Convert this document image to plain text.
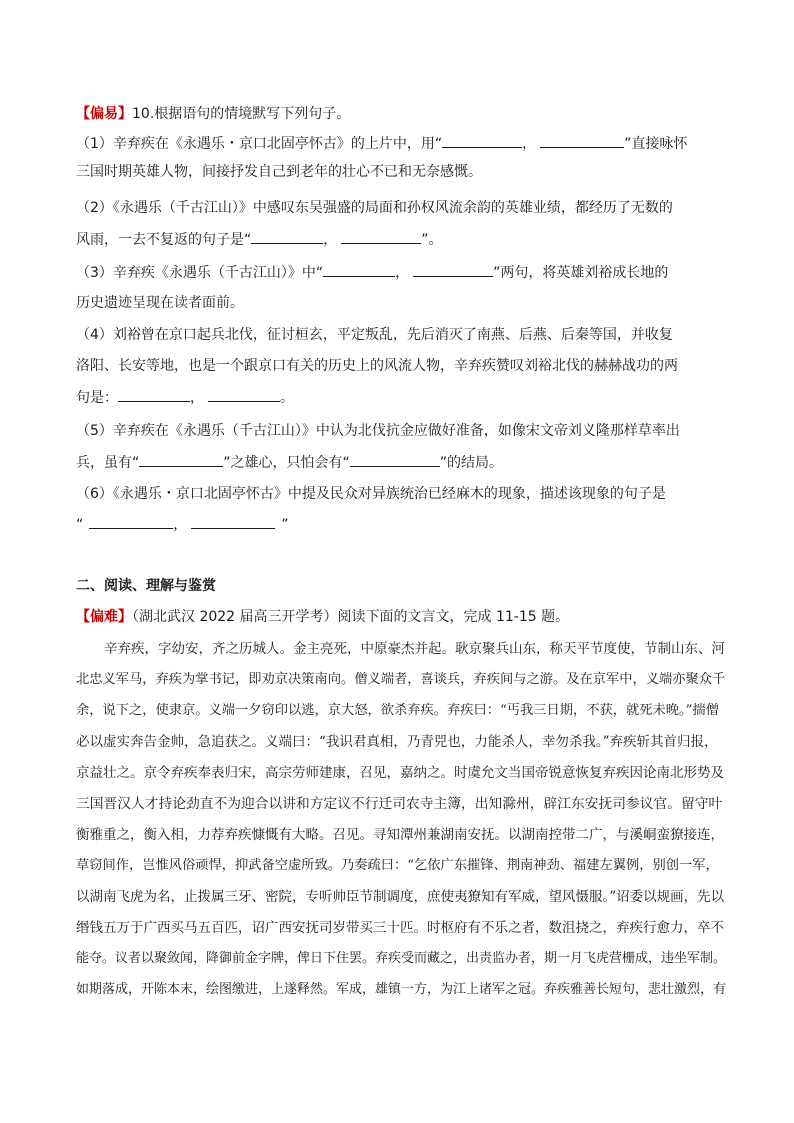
【偏易】10.根据语句的情境默写下列句子。
（1）辛弃疾在《永遇乐・京口北固亭怀古》的上片中，用“	，	”直接咏怀
三国时期英雄人物，间接抒发自己到老年的壮心不已和无奈感慨。
（2）《永遇乐（千古江山）》中感叹东吴强盛的局面和孙权风流余韵的英雄业绩，都经历了无数的
风雨，一去不复返的句子是“	，	”。
（3）辛弃疾《永遇乐（千古江山）》中“	，	”两句，将英雄刘裕成长地的
历史遗迹呈现在读者面前。
（4）刘裕曾在京口起兵北伐，征讨桓玄，平定叛乱，先后消灭了南燕、后燕、后秦等国，并收复
洛阳、长安等地，也是一个跟京口有关的历史上的风流人物，辛弃疾赞叹刘裕北伐的赫赫战功的两
句是：	，	。
（5）辛弃疾在《永遇乐（千古江山）》中认为北伐抗金应做好准备，如像宋文帝刘义隆那样草率出
兵，虽有“	”之雄心，只怕会有“	”的结局。
（6）《永遇乐・京口北固亭怀古》中提及民众对异族统治已经麻木的现象，描述该现象的句子是
“	，	”
二、阅读、理解与鉴赏
【偏难】（湖北武汉 2022 届高三开学考）阅读下面的文言文，完成 11-15 题。
辛弃疾，字幼安，齐之历城人。金主亮死，中原豪杰并起。耿京聚兵山东，称天平节度使，节制山东、河
北忠义军马，弃疾为掌书记，即劝京决策南向。僧义端者，喜谈兵，弃疾间与之游。及在京军中，义端亦聚众千
余，说下之，使隶京。义端一夕窃印以逃，京大怒，欲杀弃疾。弃疾曰：“丐我三日期，不获，就死未晚。”揣僧
必以虚实奔告金帅，急追获之。义端曰：“我识君真相，乃青兕也，力能杀人，幸勿杀我。”弃疾斩其首归报，
京益壮之。京令弃疾奉表归宋，高宗劳师建康，召见，嘉纳之。时虞允文当国帝锐意恢复弃疾因论南北形势及
三国晋汉人才持论劲直不为迎合以讲和方定议不行迁司农寺主簿，出知滁州，辟江东安抚司参议官。留守叶
衡雅重之，衡入相，力荐弃疾慷慨有大略。召见。寻知潭州兼湖南安抚。以湖南控带二广，与溪峒蛮獠接连，
草窃间作，岂惟风俗顽悍，抑武备空虚所致。乃奏疏曰：“乞依广东摧锋、荆南神劲、福建左翼例，别创一军，
以湖南飞虎为名，止拨属三牙、密院，专听帅臣节制调度，庶使夷獠知有军威，望风慑服。”诏委以规画，先以
缗钱五万于广西买马五百匹，诏广西安抚司岁带买三十匹。时枢府有不乐之者，数沮挠之，弃疾行愈力，卒不
能夺。议者以聚敛闻，降御前金字牌，俾日下住罢。弃疾受而藏之，出责监办者，期一月飞虎营栅成，违坐军制。
如期落成，开陈本末，绘图缴进，上遂释然。军成，雄镇一方，为江上诸军之冠。弃疾雅善长短句，悲壮激烈，有
